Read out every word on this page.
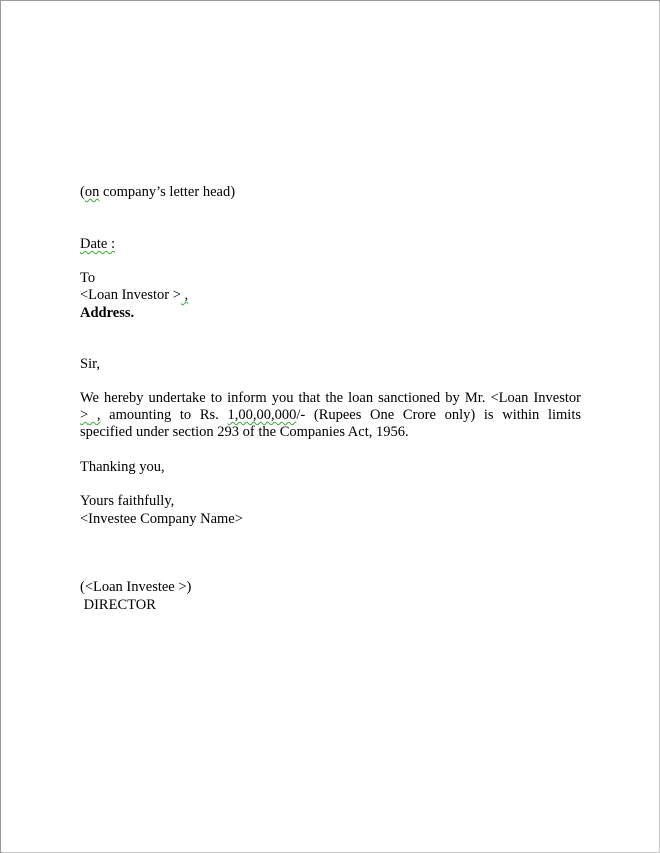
(on company’s letter head)
Date :
To
<Loan Investor > ,
Address.
Sir,
We hereby undertake to inform you that the loan sanctioned by Mr. <Loan Investor
> , amounting to Rs. 1,00,00,000/- (Rupees One Crore only) is within limits
specified under section 293 of the Companies Act, 1956.
Thanking you,
Yours faithfully,
<Investee Company Name>
(<Loan Investee >)
DIRECTOR
